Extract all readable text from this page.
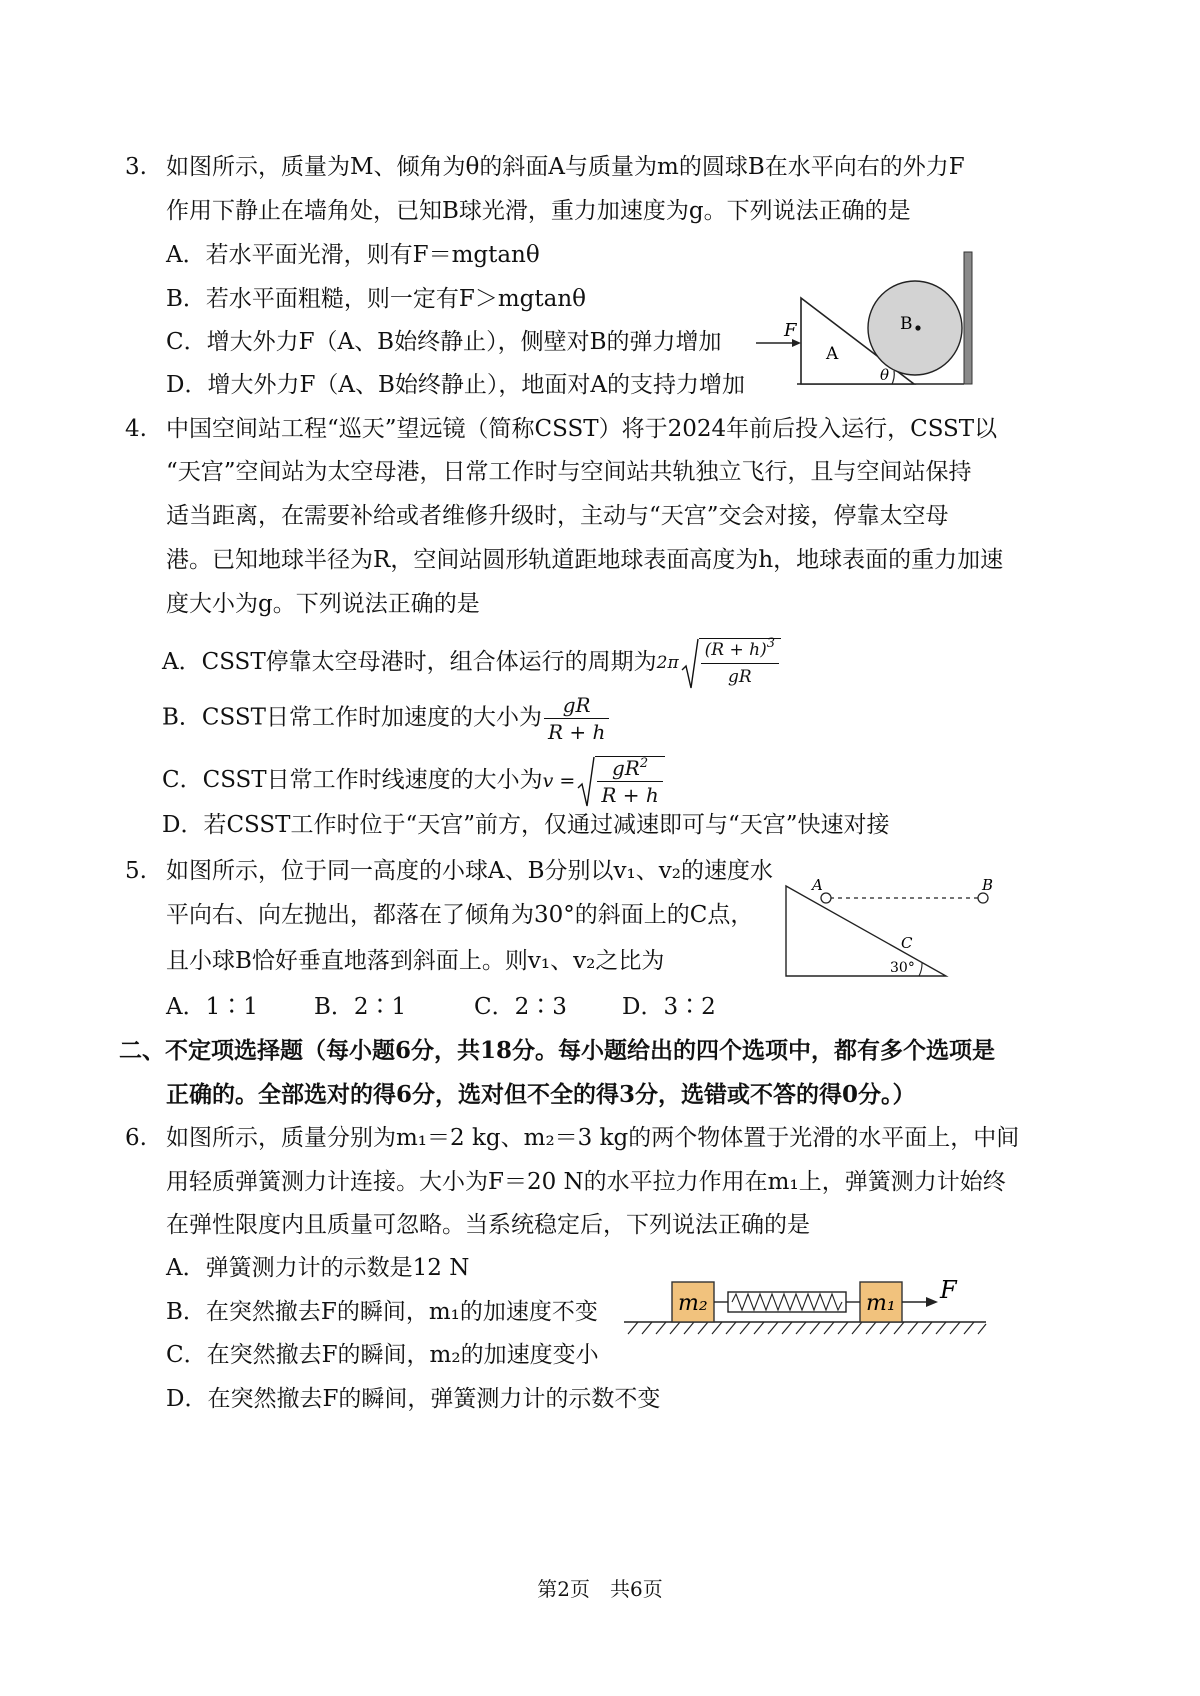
3. 如图所示，质量为M、倾角为θ的斜面A与质量为m的圆球B在水平向右的外力F
作用下静止在墙角处，已知B球光滑，重力加速度为g。下列说法正确的是
A．若水平面光滑，则有F＝mgtanθ
B．若水平面粗糙，则一定有F＞mgtanθ
C．增大外力F（A、B始终静止），侧壁对B的弹力增加
D．增大外力F（A、B始终静止），地面对A的支持力增加
F
A
B
θ
4. 中国空间站工程“巡天”望远镜（简称CSST）将于2024年前后投入运行，CSST以
“天宫”空间站为太空母港，日常工作时与空间站共轨独立飞行，且与空间站保持
适当距离，在需要补给或者维修升级时，主动与“天宫”交会对接，停靠太空母
港。已知地球半径为R，空间站圆形轨道距地球表面高度为h，地球表面的重力加速
度大小为g。下列说法正确的是
A．CSST停靠太空母港时，组合体运行的周期为$2\pi \frac{(R + h)^3}{gR}$
B．CSST日常工作时加速度的大小为 $\frac{gR}{R + h}$
C．CSST日常工作时线速度的大小为$v = \frac{gR^2}{R + h}$
D．若CSST工作时位于“天宫”前方，仅通过减速即可与“天宫”快速对接
5. 如图所示，位于同一高度的小球A、B分别以v₁、v₂的速度水
平向右、向左抛出，都落在了倾角为30°的斜面上的C点，
且小球B恰好垂直地落到斜面上。则v₁、v₂之比为
A．1∶1 B．2∶1	C．2∶3 D．3∶2
A	B
C
30°
二、不定项选择题（每小题6分，共18分。每小题给出的四个选项中，都有多个选项是
正确的。全部选对的得6分，选对但不全的得3分，选错或不答的得0分。）
6. 如图所示，质量分别为m₁＝2 kg、m₂＝3 kg的两个物体置于光滑的水平面上，中间
用轻质弹簧测力计连接。大小为F＝20 N的水平拉力作用在m₁上，弹簧测力计始终
在弹性限度内且质量可忽略。当系统稳定后，下列说法正确的是
A．弹簧测力计的示数是12 N
B．在突然撤去F的瞬间，m₁的加速度不变
C．在突然撤去F的瞬间，m₂的加速度变小
D．在突然撤去F的瞬间，弹簧测力计的示数不变
m₂	m₁ F
第2页　共6页
